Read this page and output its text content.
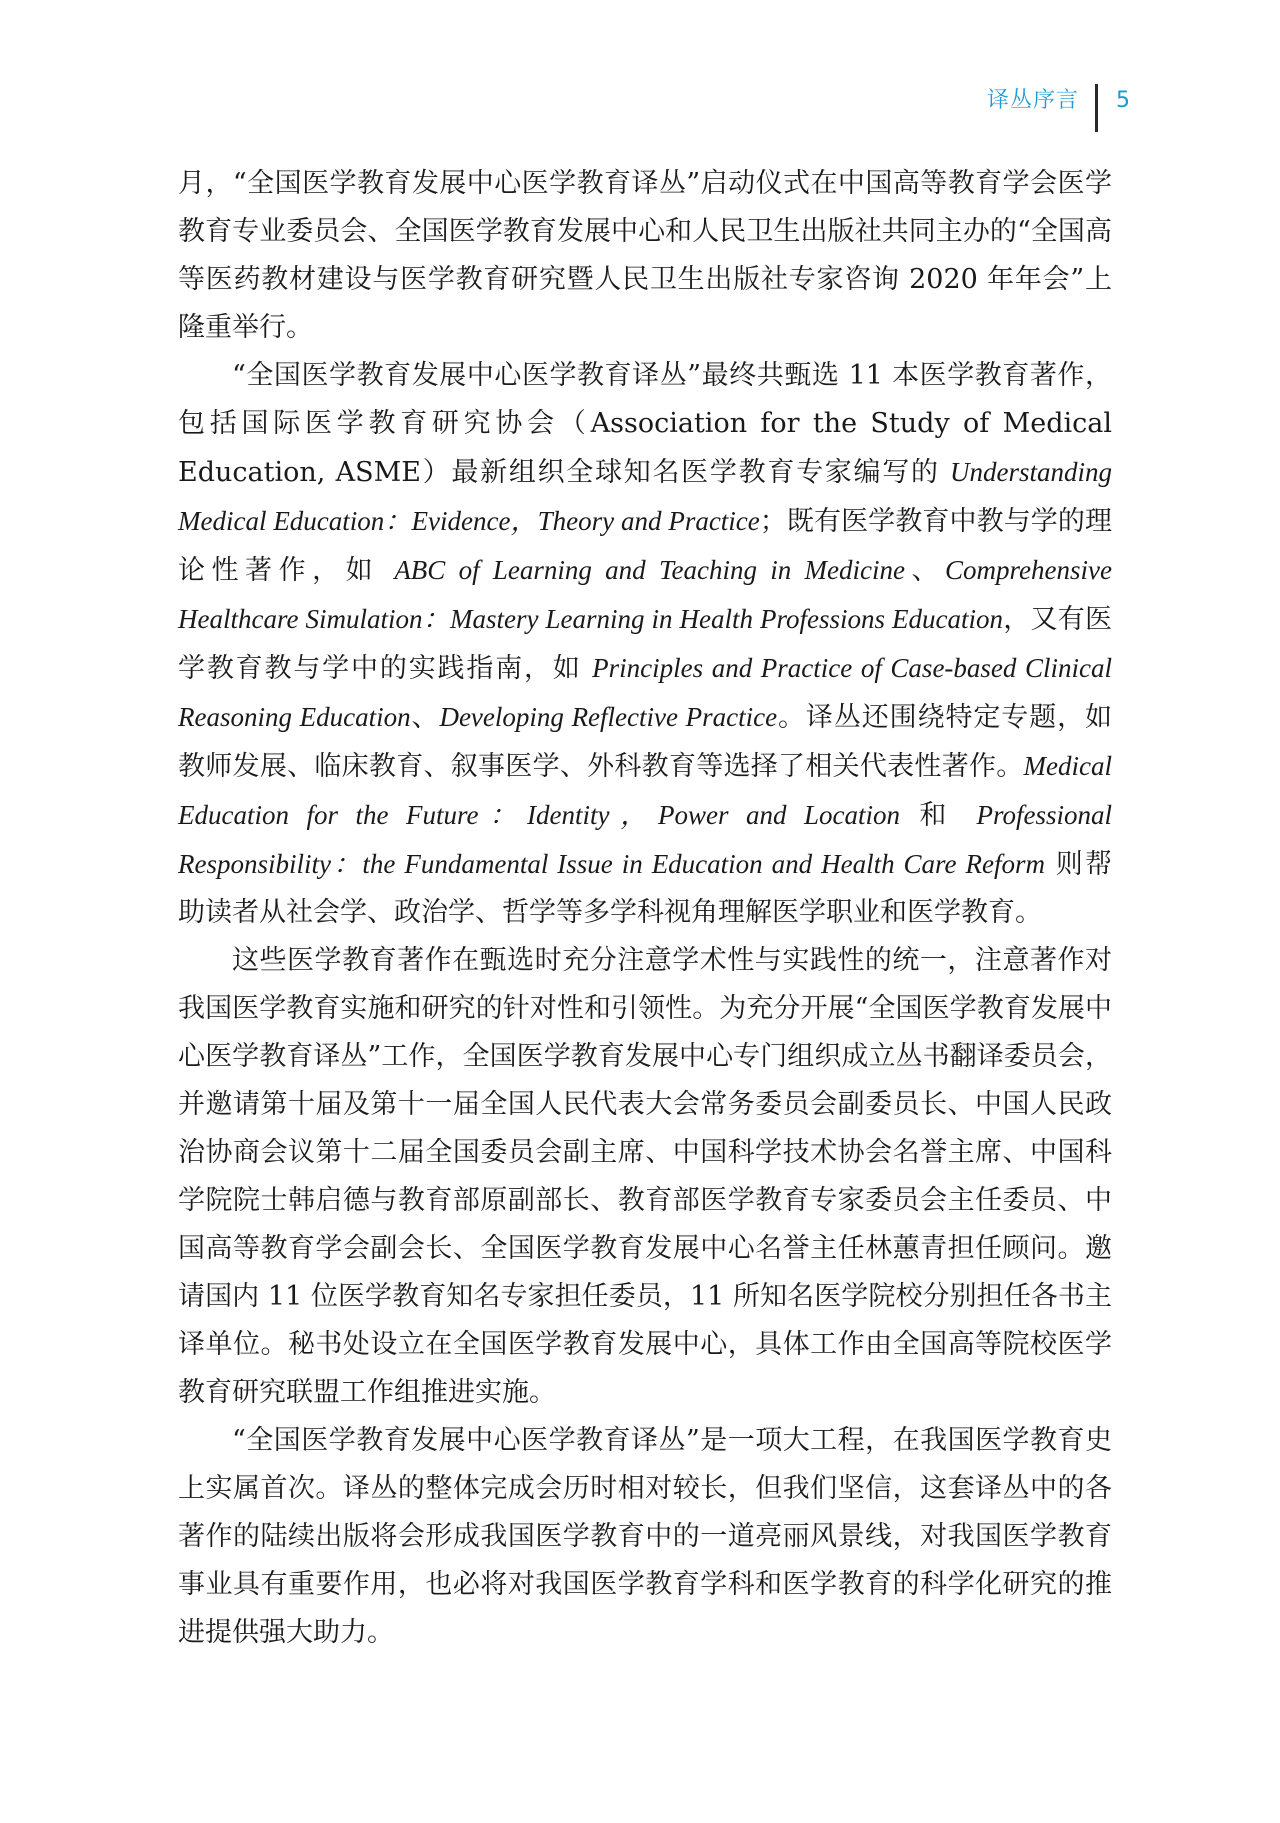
译丛序言	5

月，“全国医学教育发展中心医学教育译丛”启动仪式在中国高等教育学会医学教育专业委员会、全国医学教育发展中心和人民卫生出版社共同主办的“全国高等医药教材建设与医学教育研究暨人民卫生出版社专家咨询 2020 年年会”上隆重举行。

“全国医学教育发展中心医学教育译丛”最终共甄选 11 本医学教育著作，包括国际医学教育研究协会（Association for the Study of Medical Education, ASME）最新组织全球知名医学教育专家编写的 Understanding Medical Education：Evidence，Theory and Practice；既有医学教育中教与学的理论性著作，如 ABC of Learning and Teaching in Medicine、Comprehensive Healthcare Simulation：Mastery Learning in Health Professions Education，又有医学教育教与学中的实践指南，如 Principles and Practice of Case-based Clinical Reasoning Education、Developing Reflective Practice。译丛还围绕特定专题，如教师发展、临床教育、叙事医学、外科教育等选择了相关代表性著作。Medical Education for the Future：Identity，Power and Location 和 Professional Responsibility：the Fundamental Issue in Education and Health Care Reform 则帮助读者从社会学、政治学、哲学等多学科视角理解医学职业和医学教育。

这些医学教育著作在甄选时充分注意学术性与实践性的统一，注意著作对我国医学教育实施和研究的针对性和引领性。为充分开展“全国医学教育发展中心医学教育译丛”工作，全国医学教育发展中心专门组织成立丛书翻译委员会，并邀请第十届及第十一届全国人民代表大会常务委员会副委员长、中国人民政治协商会议第十二届全国委员会副主席、中国科学技术协会名誉主席、中国科学院院士韩启德与教育部原副部长、教育部医学教育专家委员会主任委员、中国高等教育学会副会长、全国医学教育发展中心名誉主任林蕙青担任顾问。邀请国内 11 位医学教育知名专家担任委员，11 所知名医学院校分别担任各书主译单位。秘书处设立在全国医学教育发展中心，具体工作由全国高等院校医学教育研究联盟工作组推进实施。

“全国医学教育发展中心医学教育译丛”是一项大工程，在我国医学教育史上实属首次。译丛的整体完成会历时相对较长，但我们坚信，这套译丛中的各著作的陆续出版将会形成我国医学教育中的一道亮丽风景线，对我国医学教育事业具有重要作用，也必将对我国医学教育学科和医学教育的科学化研究的推进提供强大助力。
